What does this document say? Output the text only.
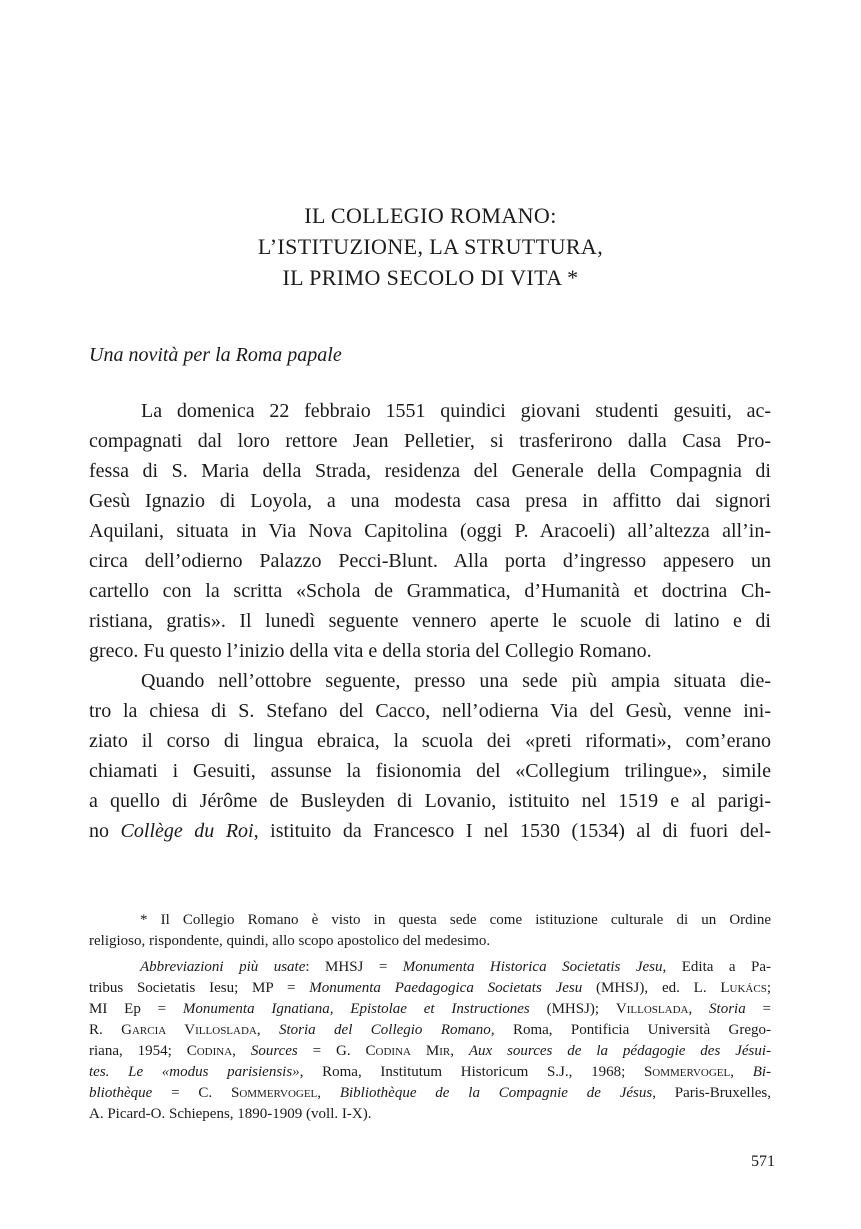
IL COLLEGIO ROMANO:
L’ISTITUZIONE, LA STRUTTURA,
IL PRIMO SECOLO DI VITA *
Una novità per la Roma papale
La domenica 22 febbraio 1551 quindici giovani studenti gesuiti, ac-
compagnati dal loro rettore Jean Pelletier, si trasferirono dalla Casa Pro-
fessa di S. Maria della Strada, residenza del Generale della Compagnia di
Gesù Ignazio di Loyola, a una modesta casa presa in affitto dai signori
Aquilani, situata in Via Nova Capitolina (oggi P. Aracoeli) all’altezza all’in-
circa dell’odierno Palazzo Pecci-Blunt. Alla porta d’ingresso appesero un
cartello con la scritta «Schola de Grammatica, d’Humanità et doctrina Ch-
ristiana, gratis». Il lunedì seguente vennero aperte le scuole di latino e di
greco. Fu questo l’inizio della vita e della storia del Collegio Romano.
Quando nell’ottobre seguente, presso una sede più ampia situata die-
tro la chiesa di S. Stefano del Cacco, nell’odierna Via del Gesù, venne ini-
ziato il corso di lingua ebraica, la scuola dei «preti riformati», com’erano
chiamati i Gesuiti, assunse la fisionomia del «Collegium trilingue», simile
a quello di Jérôme de Busleyden di Lovanio, istituito nel 1519 e al parigi-
no Collège du Roi, istituito da Francesco I nel 1530 (1534) al di fuori del-
* Il Collegio Romano è visto in questa sede come istituzione culturale di un Ordine
religioso, rispondente, quindi, allo scopo apostolico del medesimo.
Abbreviazioni più usate: MHSJ = Monumenta Historica Societatis Jesu, Edita a Pa-
tribus Societatis Iesu; MP = Monumenta Paedagogica Societats Jesu (MHSJ), ed. L. Lukács;
MI Ep = Monumenta Ignatiana, Epistolae et Instructiones (MHSJ); Villoslada, Storia =
R. Garcia Villoslada, Storia del Collegio Romano, Roma, Pontificia Università Grego-
riana, 1954; Codina, Sources = G. Codina Mir, Aux sources de la pédagogie des Jésui-
tes. Le «modus parisiensis», Roma, Institutum Historicum S.J., 1968; Sommervogel, Bi-
bliothèque = C. Sommervogel, Bibliothèque de la Compagnie de Jésus, Paris-Bruxelles,
A. Picard-O. Schiepens, 1890-1909 (voll. I-X).
571
